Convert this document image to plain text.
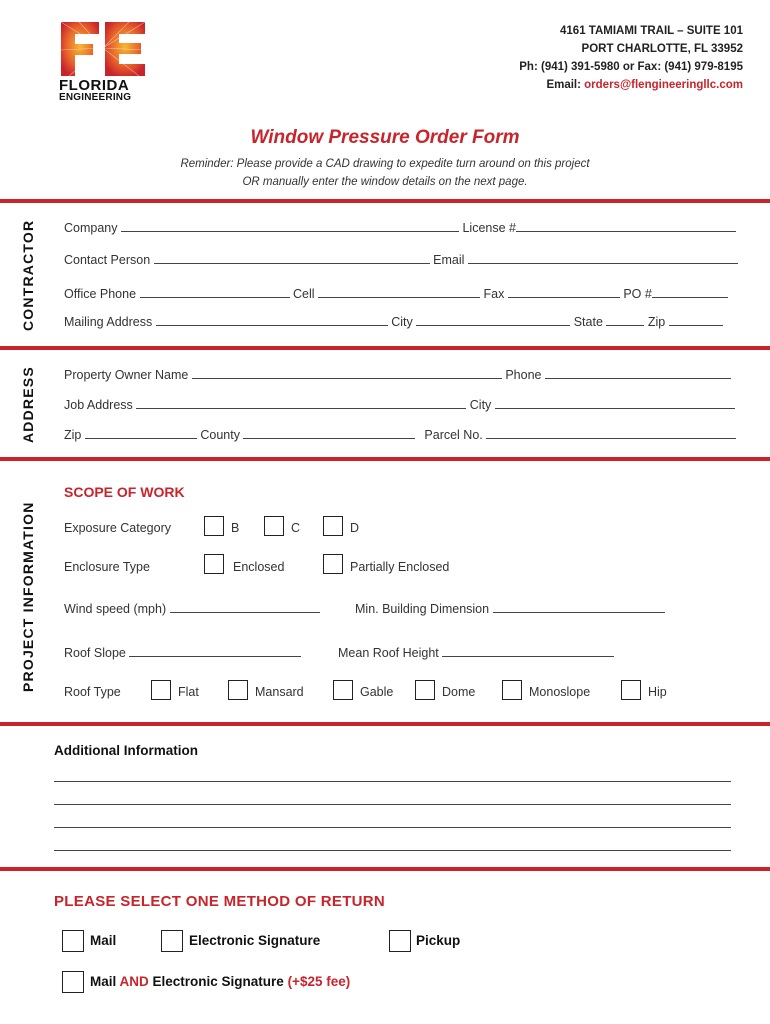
FLORIDA
ENGINEERING
4161 TAMIAMI TRAIL – SUITE 101
PORT CHARLOTTE, FL 33952
Ph: (941) 391-5980 or Fax: (941) 979-8195
Email: orders@flengineeringllc.com
Window Pressure Order Form
Reminder: Please provide a CAD drawing to expedite turn around on this project
OR manually enter the window details on the next page.
CONTRACTOR Company	License #
Contact Person	Email
Office Phone	Cell	Fax	PO #
Mailing Address	City	State	Zip
ADDRESS Property Owner Name	Phone
Job Address	City
Zip	County	Parcel No.
PROJECT INFORMATION
SCOPE OF WORK
Exposure Category	B	C	D
Enclosure Type	Enclosed	Partially Enclosed
Wind speed (mph)	Min. Building Dimension
Roof Slope	Mean Roof Height
Roof Type	Flat	Mansard	Gable	Dome	Monoslope	Hip
Additional Information
PLEASE SELECT ONE METHOD OF RETURN
Mail	Electronic Signature	Pickup
Mail AND Electronic Signature (+$25 fee)
